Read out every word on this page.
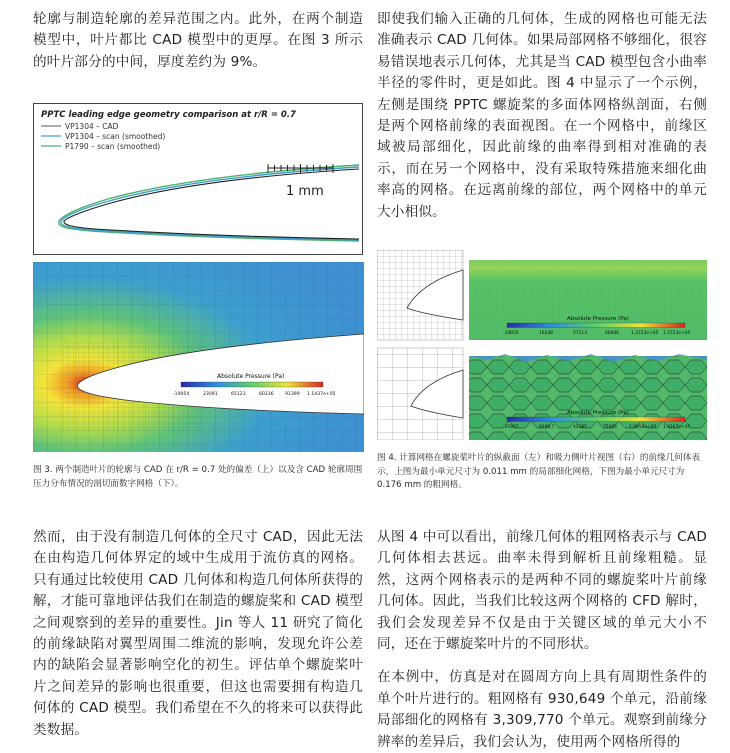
轮廓与制造轮廓的差异范围之内。此外，在两个制造模型中，叶片都比 CAD 模型中的更厚。在图 3 所示的叶片部分的中间，厚度差约为 9%。

PPTC leading edge geometry comparison at r/R = 0.7
VP1304 – CAD
VP1304 – scan (smoothed)
P1790 – scan (smoothed)
1 mm
Absolute Pressure (Pa)
-19054	23091	65123	60236 91399 1.1437e+05

图 3. 两个制造叶片的轮廓与 CAD 在 r/R = 0.7 处的偏差（上）以及含 CAD 轮廓周围压力分布情况的剖切面数字网格（下）。

然而，由于没有制造几何体的全尺寸 CAD，因此无法在由构造几何体界定的域中生成用于流仿真的网格。只有通过比较使用 CAD 几何体和构造几何体所获得的解，才能可靠地评估我们在制造的螺旋桨和 CAD 模型之间观察到的差异的重要性。Jin 等人 11 研究了简化的前缘缺陷对翼型周围二维流的影响，发现允许公差内的缺陷会显著影响空化的初生。评估单个螺旋桨叶片之间差异的影响也很重要，但这也需要拥有构造几何体的 CAD 模型。我们希望在不久的将来可以获得此类数据。

即使我们输入正确的几何体，生成的网格也可能无法准确表示 CAD 几何体。如果局部网格不够细化，很容易错误地表示几何体，尤其是当 CAD 模型包含小曲率半径的零件时，更是如此。图 4 中显示了一个示例，左侧是围绕 PPTC 螺旋桨的多面体网格纵剖面，右侧是两个网格前缘的表面视图。在一个网格中，前缘区域被局部细化，因此前缘的曲率得到相对准确的表示，而在另一个网格中，没有采取特殊措施来细化曲率高的网格。在远离前缘的部位，两个网格中的单元大小相似。

Absolute Pressure (Pa)
-19855	16248	57213	66846	1.3723e+05 1.5723e+05
Absolute Pressure (Pa)
-25807	9298.7	42385	75485	1.0858e+05 1.4167e+05

图 4. 计算网格在螺旋桨叶片的纵截面（左）和吸力侧叶片视图（右）的前缘几何体表示，上图为最小单元尺寸为 0.011 mm 的局部细化网格，下图为最小单元尺寸为 0.176 mm 的粗网格。

从图 4 中可以看出，前缘几何体的粗网格表示与 CAD 几何体相去甚远。曲率未得到解析且前缘粗糙。显然，这两个网格表示的是两种不同的螺旋桨叶片前缘几何体。因此，当我们比较这两个网格的 CFD 解时，我们会发现差异不仅是由于关键区域的单元大小不同，还在于螺旋桨叶片的不同形状。

在本例中，仿真是对在圆周方向上具有周期性条件的单个叶片进行的。粗网格有 930,649 个单元，沿前缘局部细化的网格有 3,309,770 个单元。观察到前缘分辨率的差异后，我们会认为，使用两个网格所得的
